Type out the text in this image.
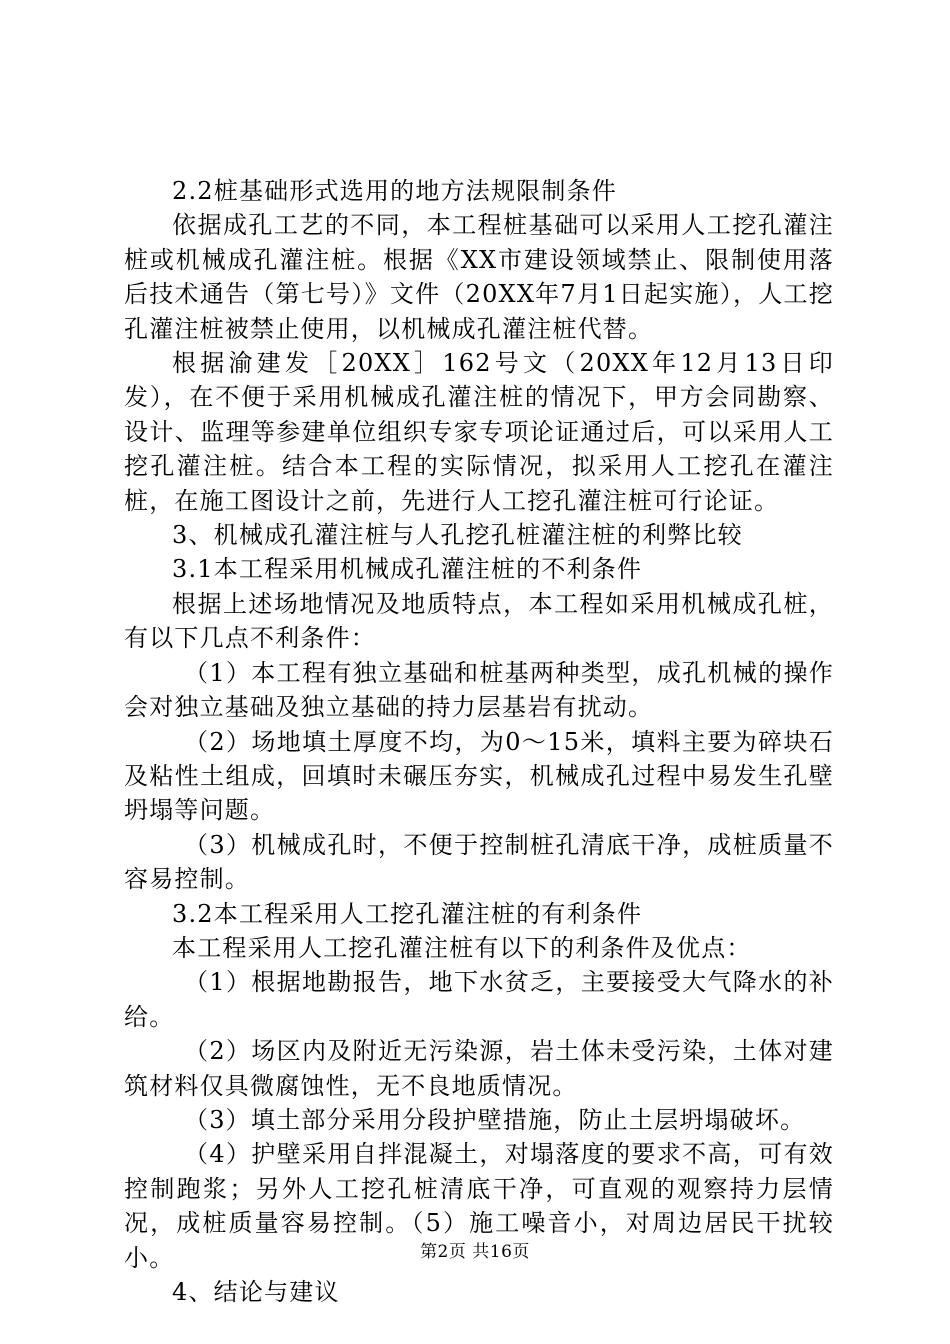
2.2桩基础形式选用的地方法规限制条件

依据成孔工艺的不同，本工程桩基础可以采用人工挖孔灌注桩或机械成孔灌注桩。根据《XX市建设领域禁止、限制使用落后技术通告（第七号）》文件（20XX年7月1日起实施），人工挖孔灌注桩被禁止使用，以机械成孔灌注桩代替。

根据渝建发［20XX］162号文（20XX年12月13日印发），在不便于采用机械成孔灌注桩的情况下，甲方会同勘察、设计、监理等参建单位组织专家专项论证通过后，可以采用人工挖孔灌注桩。结合本工程的实际情况，拟采用人工挖孔在灌注桩，在施工图设计之前，先进行人工挖孔灌注桩可行论证。

3、机械成孔灌注桩与人孔挖孔桩灌注桩的利弊比较

3.1本工程采用机械成孔灌注桩的不利条件

根据上述场地情况及地质特点，本工程如采用机械成孔桩，有以下几点不利条件：

（1）本工程有独立基础和桩基两种类型，成孔机械的操作会对独立基础及独立基础的持力层基岩有扰动。

（2）场地填土厚度不均，为0～15米，填料主要为碎块石及粘性土组成，回填时未碾压夯实，机械成孔过程中易发生孔壁坍塌等问题。

（3）机械成孔时，不便于控制桩孔清底干净，成桩质量不容易控制。

3.2本工程采用人工挖孔灌注桩的有利条件

本工程采用人工挖孔灌注桩有以下的利条件及优点：

（1）根据地勘报告，地下水贫乏，主要接受大气降水的补给。

（2）场区内及附近无污染源，岩土体未受污染，土体对建筑材料仅具微腐蚀性，无不良地质情况。

（3）填土部分采用分段护壁措施，防止土层坍塌破坏。

（4）护壁采用自拌混凝土，对塌落度的要求不高，可有效控制跑浆；另外人工挖孔桩清底干净，可直观的观察持力层情况，成桩质量容易控制。（5）施工噪音小，对周边居民干扰较小。

4、结论与建议

第2页 共16页
